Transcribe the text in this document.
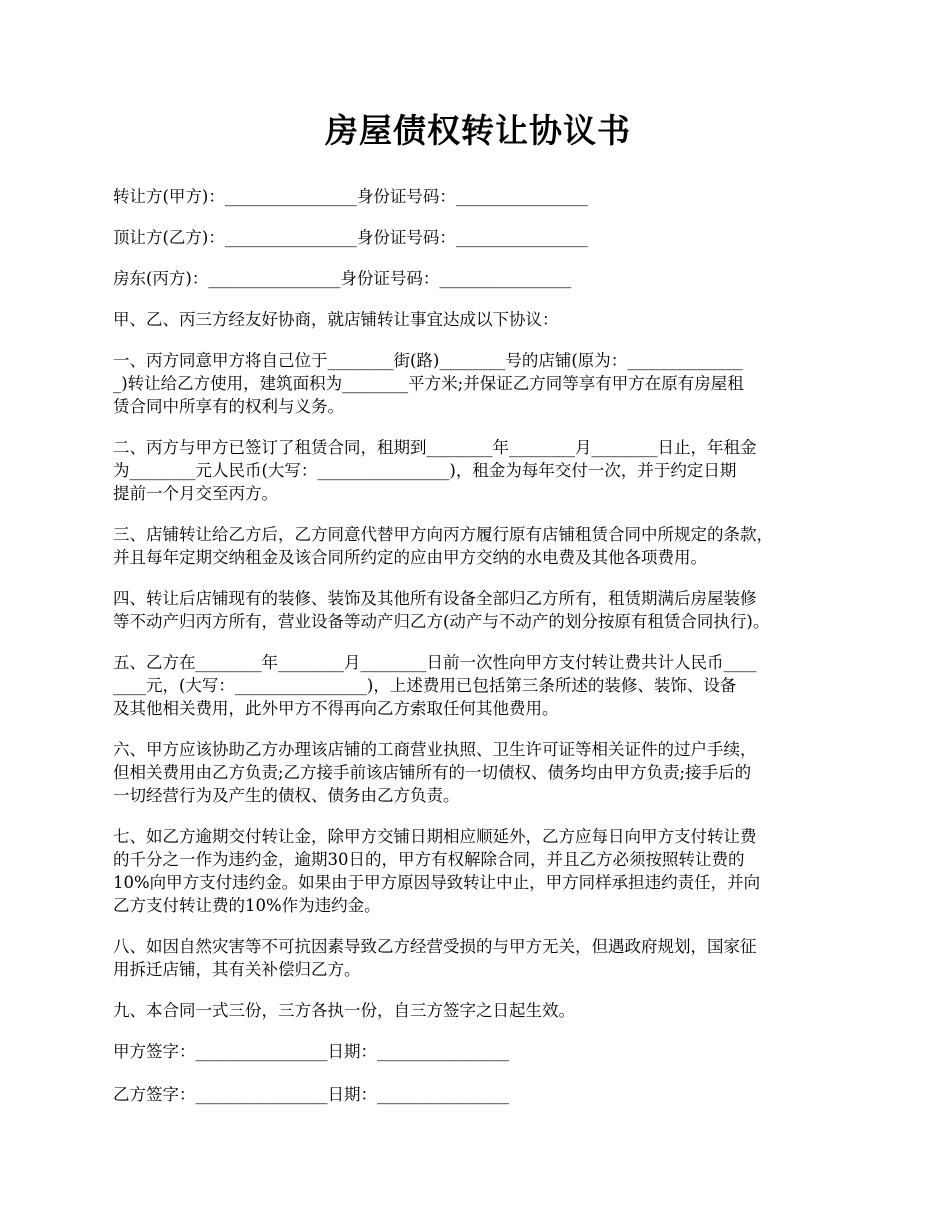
房屋债权转让协议书

转让方(甲方)：________________身份证号码：________________

顶让方(乙方)：________________身份证号码：________________

房东(丙方)：________________身份证号码：________________

甲、乙、丙三方经友好协商，就店铺转让事宜达成以下协议：

一、丙方同意甲方将自己位于________街(路)________号的店铺(原为：______________
_)转让给乙方使用，建筑面积为________平方米;并保证乙方同等享有甲方在原有房屋租
赁合同中所享有的权利与义务。

二、丙方与甲方已签订了租赁合同，租期到________年________月________日止，年租金
为________元人民币(大写：________________)，租金为每年交付一次，并于约定日期
提前一个月交至丙方。

三、店铺转让给乙方后，乙方同意代替甲方向丙方履行原有店铺租赁合同中所规定的条款，
并且每年定期交纳租金及该合同所约定的应由甲方交纳的水电费及其他各项费用。

四、转让后店铺现有的装修、装饰及其他所有设备全部归乙方所有，租赁期满后房屋装修
等不动产归丙方所有，营业设备等动产归乙方(动产与不动产的划分按原有租赁合同执行)。

五、乙方在________年________月________日前一次性向甲方支付转让费共计人民币____
____元，(大写：________________)，上述费用已包括第三条所述的装修、装饰、设备
及其他相关费用，此外甲方不得再向乙方索取任何其他费用。

六、甲方应该协助乙方办理该店铺的工商营业执照、卫生许可证等相关证件的过户手续，
但相关费用由乙方负责;乙方接手前该店铺所有的一切债权、债务均由甲方负责;接手后的
一切经营行为及产生的债权、债务由乙方负责。

七、如乙方逾期交付转让金，除甲方交铺日期相应顺延外，乙方应每日向甲方支付转让费
的千分之一作为违约金，逾期30日的，甲方有权解除合同，并且乙方必须按照转让费的
10%向甲方支付违约金。如果由于甲方原因导致转让中止，甲方同样承担违约责任，并向
乙方支付转让费的10%作为违约金。

八、如因自然灾害等不可抗因素导致乙方经营受损的与甲方无关，但遇政府规划，国家征
用拆迁店铺，其有关补偿归乙方。

九、本合同一式三份，三方各执一份，自三方签字之日起生效。

甲方签字：________________日期：________________

乙方签字：________________日期：________________
